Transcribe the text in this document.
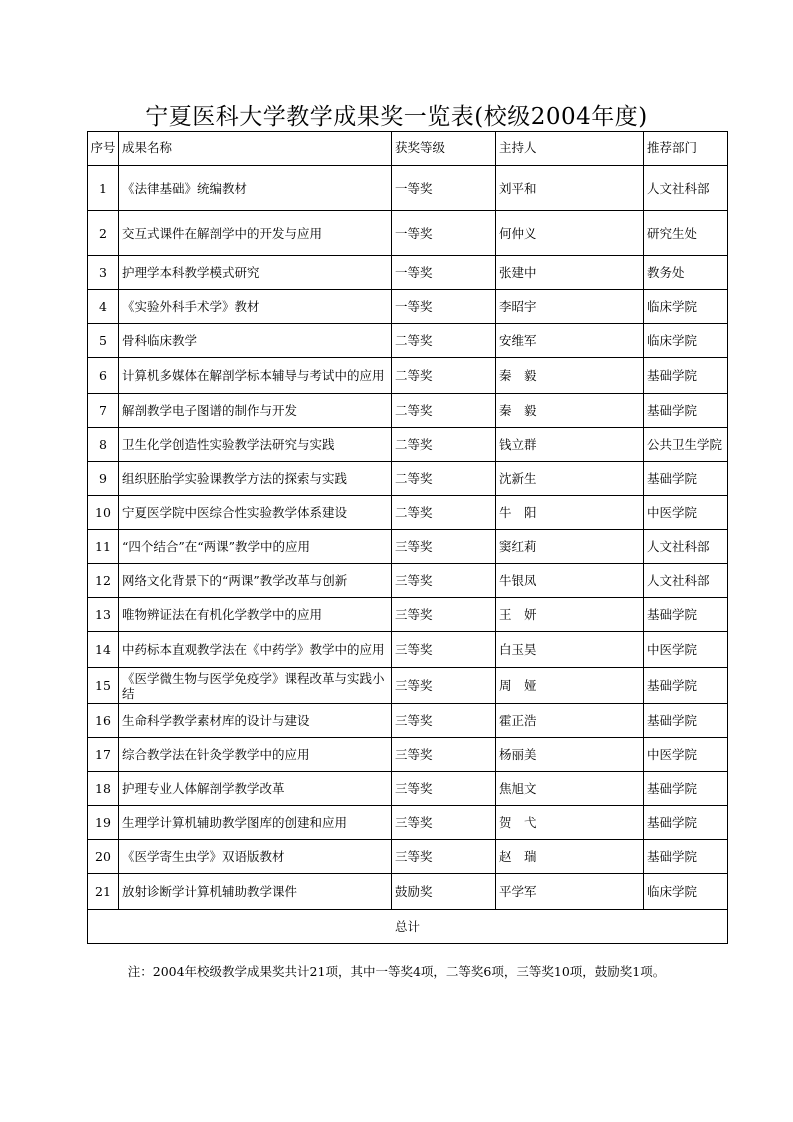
宁夏医科大学教学成果奖一览表(校级2004年度)
序号	成果名称	获奖等级	主持人	推荐部门
1	《法律基础》统编教材	一等奖	刘平和	人文社科部
2	交互式课件在解剖学中的开发与应用	一等奖	何仲义	研究生处
3	护理学本科教学模式研究	一等奖	张建中	教务处
4	《实验外科手术学》教材	一等奖	李昭宇	临床学院
5	骨科临床教学	二等奖	安维军	临床学院
6	计算机多媒体在解剖学标本辅导与考试中的应用	二等奖	秦　毅	基础学院
7	解剖教学电子图谱的制作与开发	二等奖	秦　毅	基础学院
8	卫生化学创造性实验教学法研究与实践	二等奖	钱立群	公共卫生学院
9	组织胚胎学实验课教学方法的探索与实践	二等奖	沈新生	基础学院
10	宁夏医学院中医综合性实验教学体系建设	二等奖	牛　阳	中医学院
11	“四个结合”在“两课”教学中的应用	三等奖	窦红莉	人文社科部
12	网络文化背景下的“两课”教学改革与创新	三等奖	牛银凤	人文社科部
13	唯物辨证法在有机化学教学中的应用	三等奖	王　妍	基础学院
14	中药标本直观教学法在《中药学》教学中的应用	三等奖	白玉昊	中医学院
15	《医学微生物与医学免疫学》课程改革与实践小结	三等奖	周　娅	基础学院
16	生命科学教学素材库的设计与建设	三等奖	霍正浩	基础学院
17	综合教学法在针灸学教学中的应用	三等奖	杨丽美	中医学院
18	护理专业人体解剖学教学改革	三等奖	焦旭文	基础学院
19	生理学计算机辅助教学图库的创建和应用	三等奖	贺　弋	基础学院
20	《医学寄生虫学》双语版教材	三等奖	赵　瑞	基础学院
21	放射诊断学计算机辅助教学课件	鼓励奖	平学军	临床学院
总计				
注：2004年校级教学成果奖共计21项，其中一等奖4项，二等奖6项，三等奖10项，鼓励奖1项。
